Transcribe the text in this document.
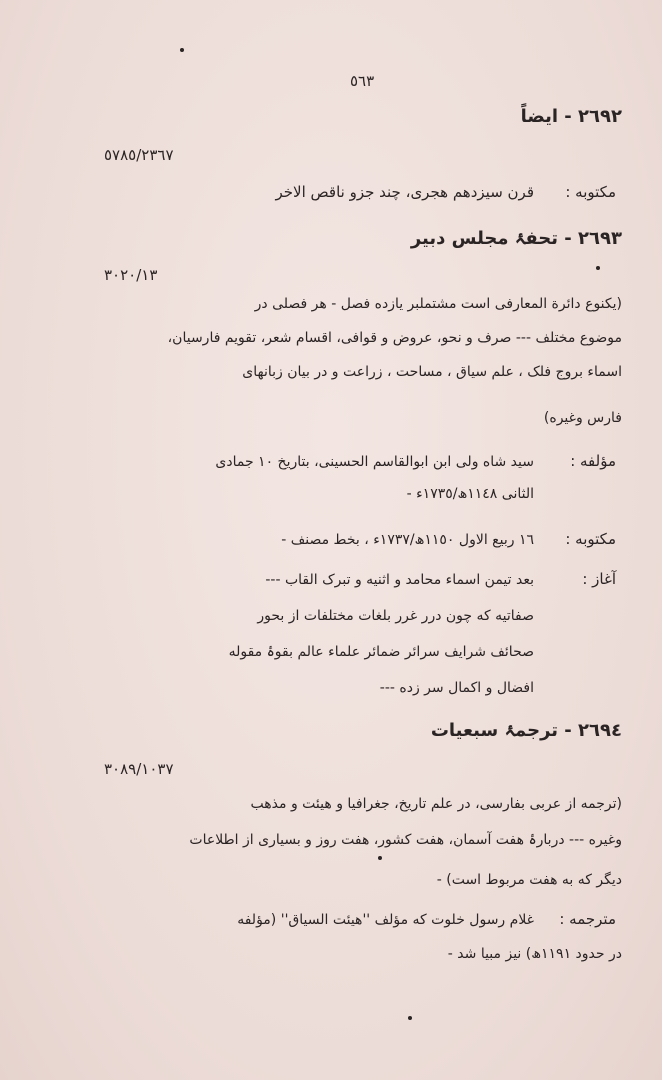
٥٦٣
۲٦۹۲ - ایضاً
٥٧٨٥/٢٣٦٧
مکتوبه :
قرن سیزدهم هجری، چند جزو ناقص الاخر
۲٦۹۳ - تحفۂ مجلس دبیر
٣٠٢٠/١٣
(یکنوع دائرة المعارفی است مشتملبر یازده فصل - هر فصلی در
موضوع مختلف --- صرف و نحو، عروض و قوافی، اقسام شعر، تقویم فارسیان،
اسماء بروج فلک ، علم سیاق ، مساحت ، زراعت و در بیان زبانهای
فارس وغیره)
مؤلفه :
سید شاه ولی ابن ابوالقاسم الحسینی، بتاریخ ١٠ جمادی
الثانی ١١٤٨ھ/١٧٣٥ء -
مکتوبه :
١٦ ربیع الاول ١١٥٠ھ/١٧٣٧ء ، بخط مصنف -
آغاز :
بعد تیمن اسماء محامد و اثنیه و تبرک القاب ---
صفاتیه که چون درر غرر بلغات مختلفات از بحور
صحائف شرایف سرائر ضمائر علماء عالم بقوۂ مقوله
افضال و اکمال سر زده ---
۲٦۹٤ - ترجمۂ سبعیات
٣٠٨٩/١٠٣٧
(ترجمه از عربی بفارسی، در علم تاریخ، جغرافیا و هیئت و مذهب
وغیره --- دربارۂ هفت آسمان، هفت کشور، هفت روز و بسیاری از اطلاعات
دیگر که به هفت مربوط است) -
مترجمه :
غلام رسول خلوت که مؤلف ''هیئت السیاق'' (مؤلفه
در حدود ١١٩١ھ) نیز مبیا شد -
